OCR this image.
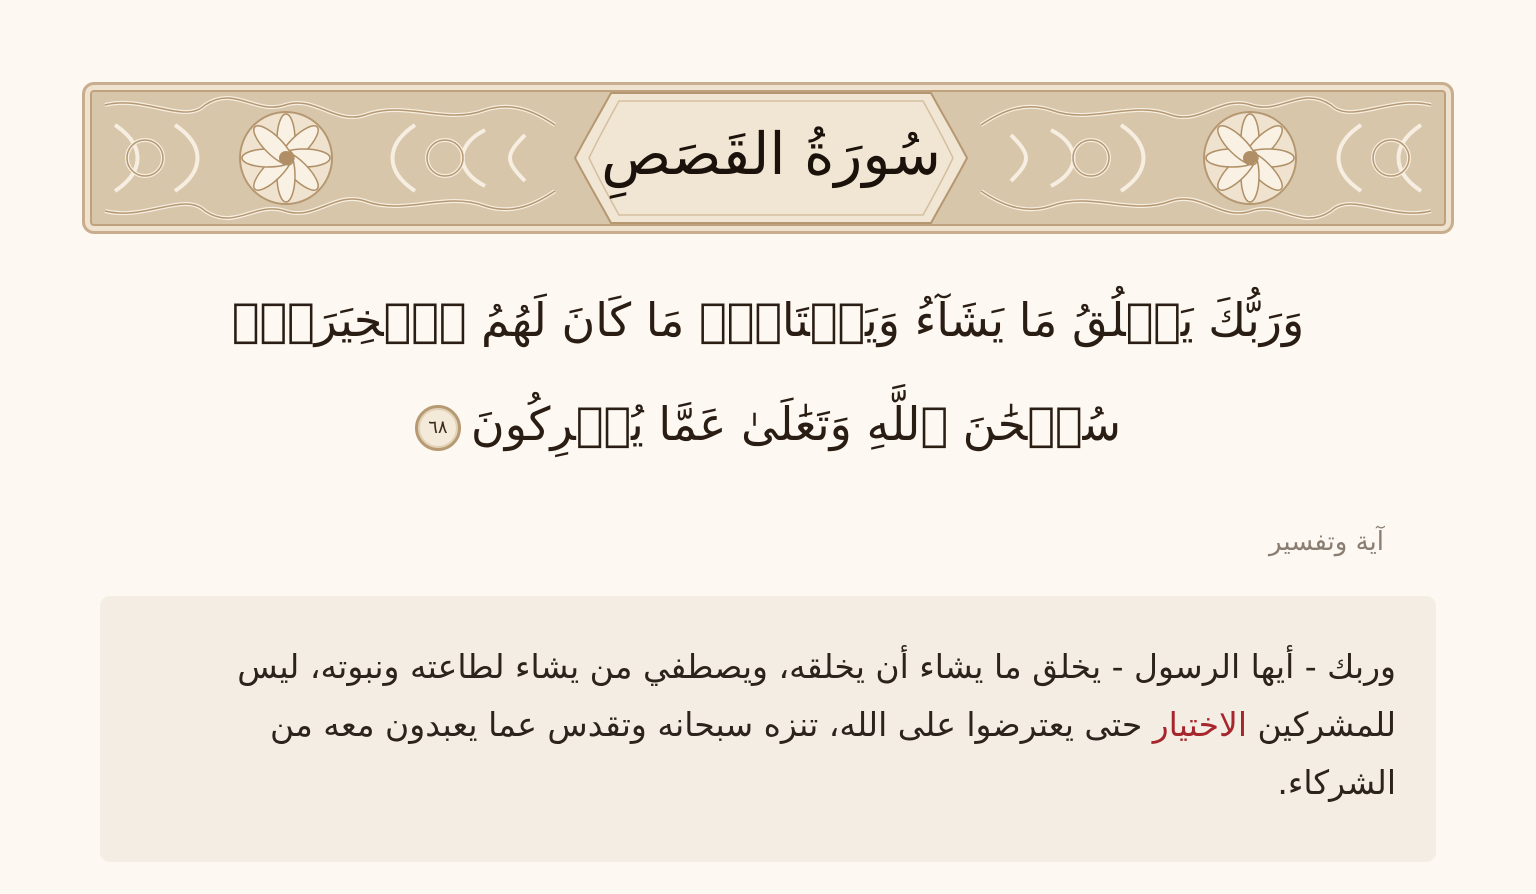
سُورَةُ القَصَصِ
وَرَبُّكَ يَخۡلُقُ مَا يَشَآءُ وَيَخۡتَارُۗ مَا كَانَ لَهُمُ ٱلۡخِيَرَةُۚ سُبۡحَٰنَ ٱللَّهِ وَتَعَٰلَىٰ عَمَّا يُشۡرِكُونَ٦٨
آية وتفسير

وربك - أيها الرسول - يخلق ما يشاء أن يخلقه، ويصطفي من يشاء لطاعته ونبوته، ليس للمشركين الاختيار حتى يعترضوا على الله، تنزه سبحانه وتقدس عما يعبدون معه من الشركاء.
